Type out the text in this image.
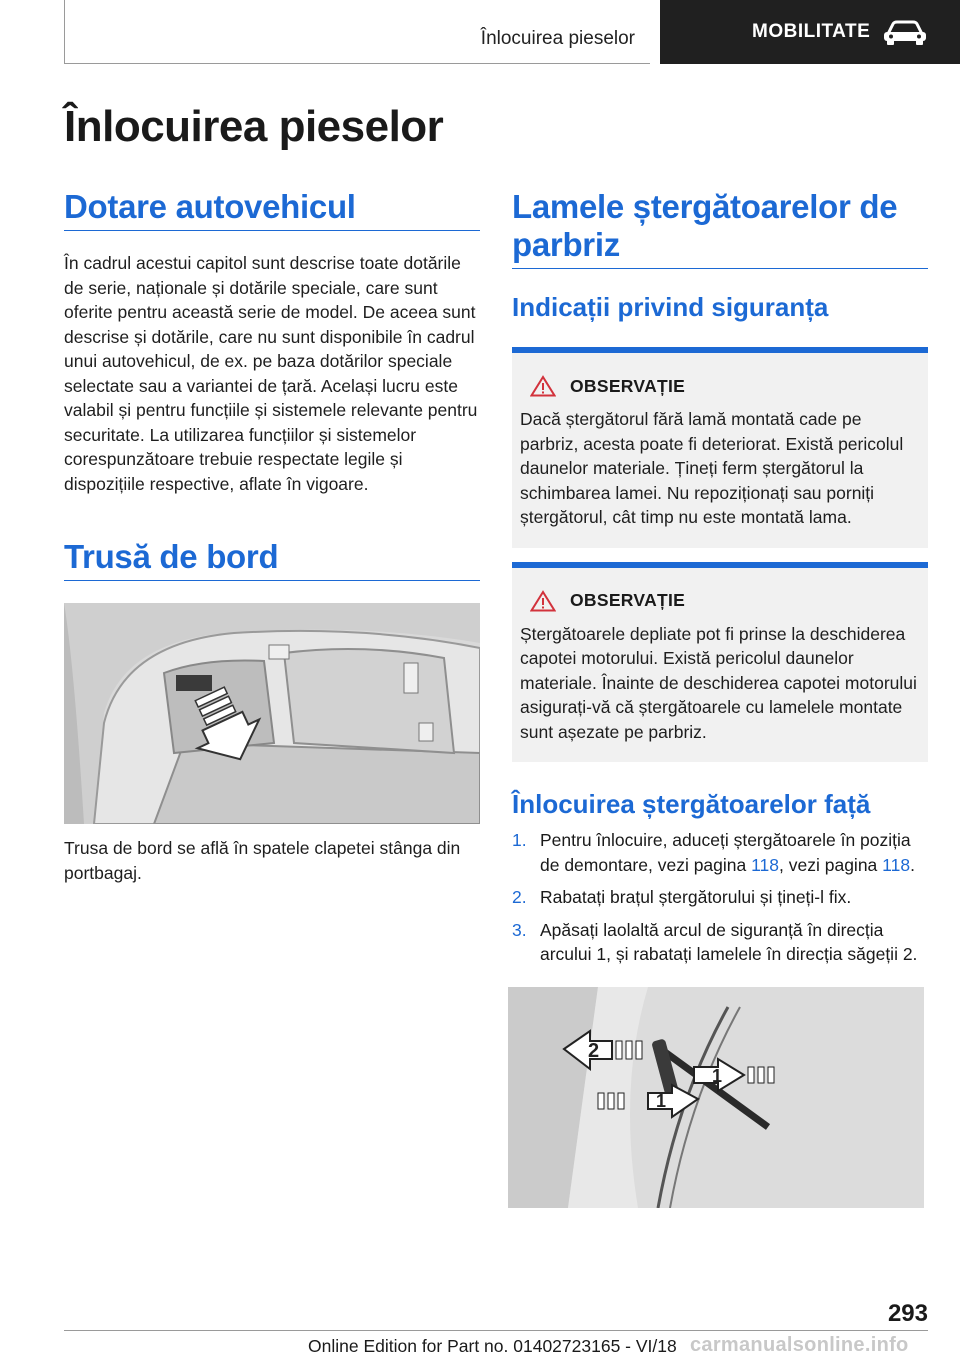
Înlocuirea pieselor	MOBILITATE
Înlocuirea pieselor
Dotare autovehicul

În cadrul acestui capitol sunt descrise toate dotările de serie, naționale și dotările speciale, care sunt oferite pentru această serie de model. De aceea sunt descrise și dotările, care nu sunt disponibile în cadrul unui autovehicul, de ex. pe baza dotărilor speciale selectate sau a variantei de țară. Același lucru este valabil și pentru funcțiile și sistemele relevante pentru securitate. La utilizarea funcțiilor și sistemelor corespunzătoare trebuie respectate legile și dispozițiile respective, aflate în vigoare.

Trusă de bord

Trusa de bord se află în spatele clapetei stânga din portbagaj.

Lamele ștergătoarelor de parbriz
Indicații privind siguranța
OBSERVAȚIE

Dacă ștergătorul fără lamă montată cade pe parbriz, acesta poate fi deteriorat. Există pericolul daunelor materiale. Țineți ferm ștergătorul la schimbarea lamei. Nu repoziționați sau porniți ștergătorul, cât timp nu este montată lama.

OBSERVAȚIE

Ștergătoarele depliate pot fi prinse la deschiderea capotei motorului. Există pericolul daunelor materiale. Înainte de deschiderea capotei motorului asigurați-vă că ștergătoarele cu lamelele montate sunt așezate pe parbriz.

Înlocuirea ștergătoarelor față
1. Pentru înlocuire, aduceți ștergătoarele în poziția de demontare, vezi pagina 118, vezi pagina 118.
2. Rabatați brațul ștergătorului și țineți-l fix.
3. Apăsați laolaltă arcul de siguranță în direcția arcului 1, și rabatați lamelele în direcția săgeții 2.
2
1
1
293
Online Edition for Part no. 01402723165 - VI/18 carmanualsonline.info
